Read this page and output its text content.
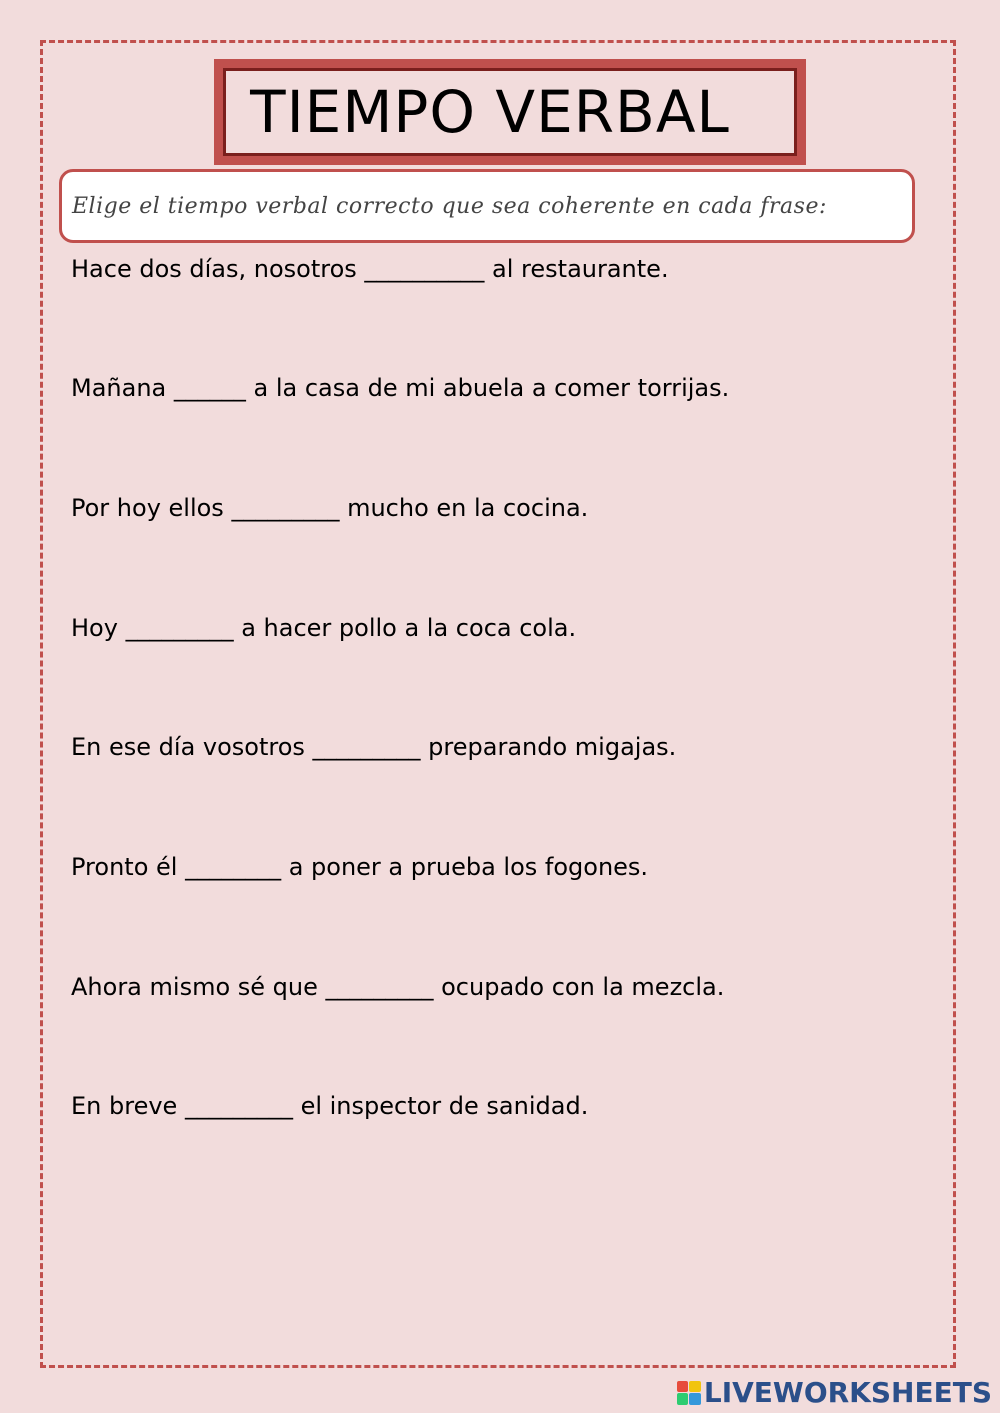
TIEMPO VERBAL
Elige el tiempo verbal correcto que sea coherente en cada frase:

Hace dos días, nosotros __________ al restaurante.

Mañana ______ a la casa de mi abuela a comer torrijas.

Por hoy ellos _________ mucho en la cocina.

Hoy _________ a hacer pollo a la coca cola.

En ese día vosotros _________ preparando migajas.

Pronto él ________ a poner a prueba los fogones.

Ahora mismo sé que _________ ocupado con la mezcla.

En breve _________ el inspector de sanidad.

LIVEWORKSHEETS
